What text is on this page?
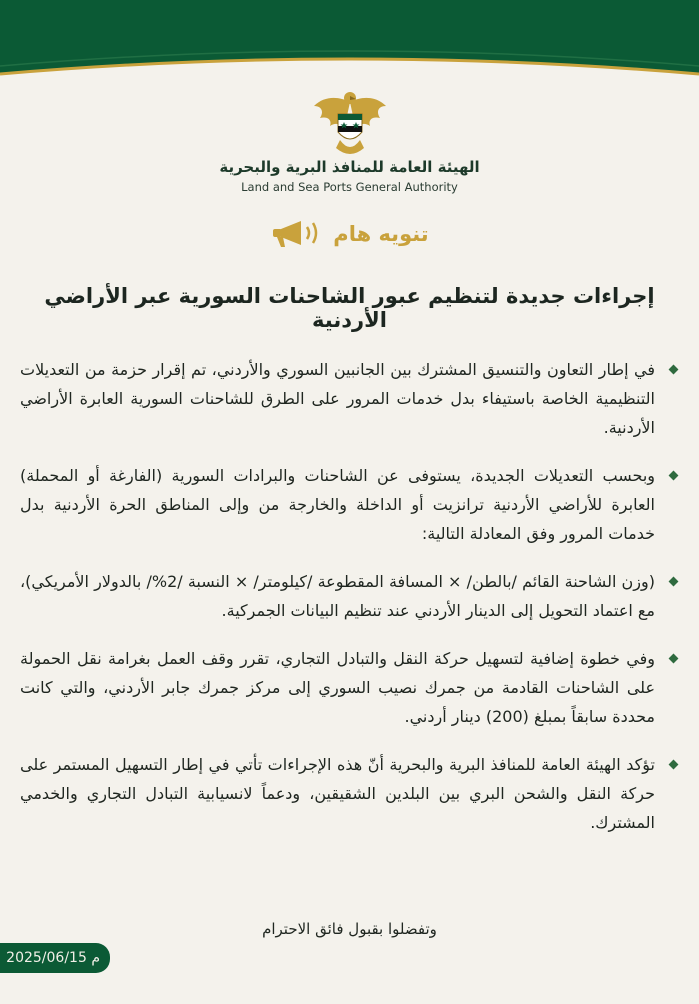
الهيئة العامة للمنافذ البرية والبحرية
Land and Sea Ports General Authority
تنويه هام
إجراءات جديدة لتنظيم عبور الشاحنات السورية عبر الأراضي الأردنية
في إطار التعاون والتنسيق المشترك بين الجانبين السوري والأردني، تم إقرار حزمة من التعديلات التنظيمية الخاصة باستيفاء بدل خدمات المرور على الطرق للشاحنات السورية العابرة الأراضي الأردنية.
وبحسب التعديلات الجديدة، يستوفى عن الشاحنات والبرادات السورية (الفارغة أو المحملة) العابرة للأراضي الأردنية ترانزيت أو الداخلة والخارجة من وإلى المناطق الحرة الأردنية بدل خدمات المرور وفق المعادلة التالية:
(وزن الشاحنة القائم /بالطن/ × المسافة المقطوعة /كيلومتر/ × النسبة /2%/ بالدولار الأمريكي)، مع اعتماد التحويل إلى الدينار الأردني عند تنظيم البيانات الجمركية.
وفي خطوة إضافية لتسهيل حركة النقل والتبادل التجاري، تقرر وقف العمل بغرامة نقل الحمولة على الشاحنات القادمة من جمرك نصيب السوري إلى مركز جمرك جابر الأردني، والتي كانت محددة سابقاً بمبلغ (200) دينار أردني.
تؤكد الهيئة العامة للمنافذ البرية والبحرية أنّ هذه الإجراءات تأتي في إطار التسهيل المستمر على حركة النقل والشحن البري بين البلدين الشقيقين، ودعماً لانسيابية التبادل التجاري والخدمي المشترك.
وتفضلوا بقبول فائق الاحترام
2025/06/15 م
